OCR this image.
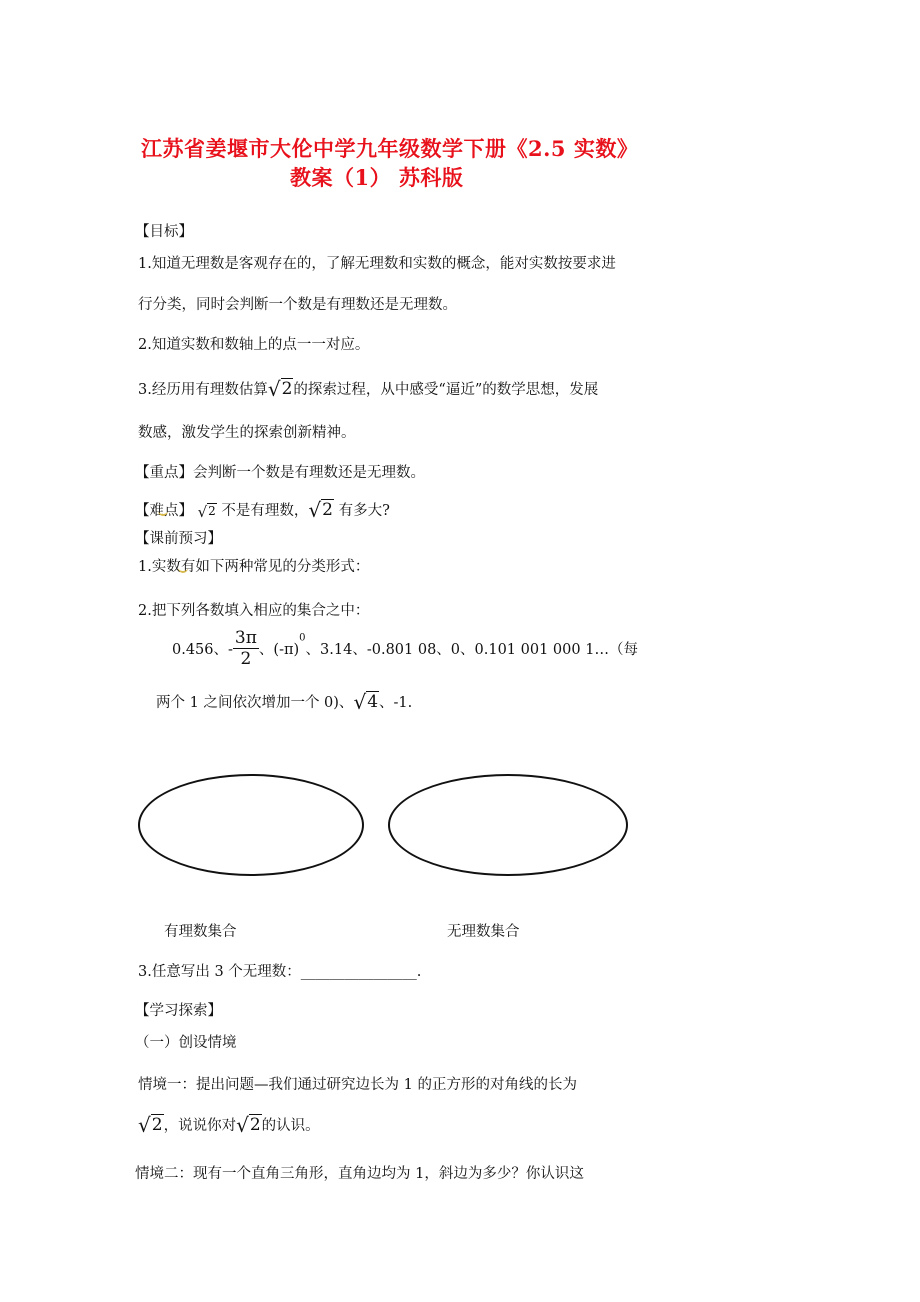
江苏省姜堰市大伦中学九年级数学下册《2.5 实数》
教案（1） 苏科版
【目标】
1.知道无理数是客观存在的，了解无理数和实数的概念，能对实数按要求进
行分类，同时会判断一个数是有理数还是无理数。
2.知道实数和数轴上的点一一对应。
3.经历用有理数估算√2的探索过程，从中感受“逼近”的数学思想，发展
数感，激发学生的探索创新精神。
【重点】会判断一个数是有理数还是无理数。
【难点】 √2 不是有理数，√2 有多大?
【课前预习】
1.实数有如下两种常见的分类形式：
2.把下列各数填入相应的集合之中：
0.456、- $\frac{3\pi}{2}$ 、$(-\pi)^0$、3.14、-0.801 08、0、0.101 001 000 1…（每
两个 1 之间依次增加一个 0)、√4、-1.
有理数集合	无理数集合
3.任意写出 3 个无理数：________________.
【学习探索】
（一）创设情境
情境一：提出问题—我们通过研究边长为 1 的正方形的对角线的长为
√2，说说你对√2的认识。
情境二：现有一个直角三角形，直角边均为 1，斜边为多少？你认识这
